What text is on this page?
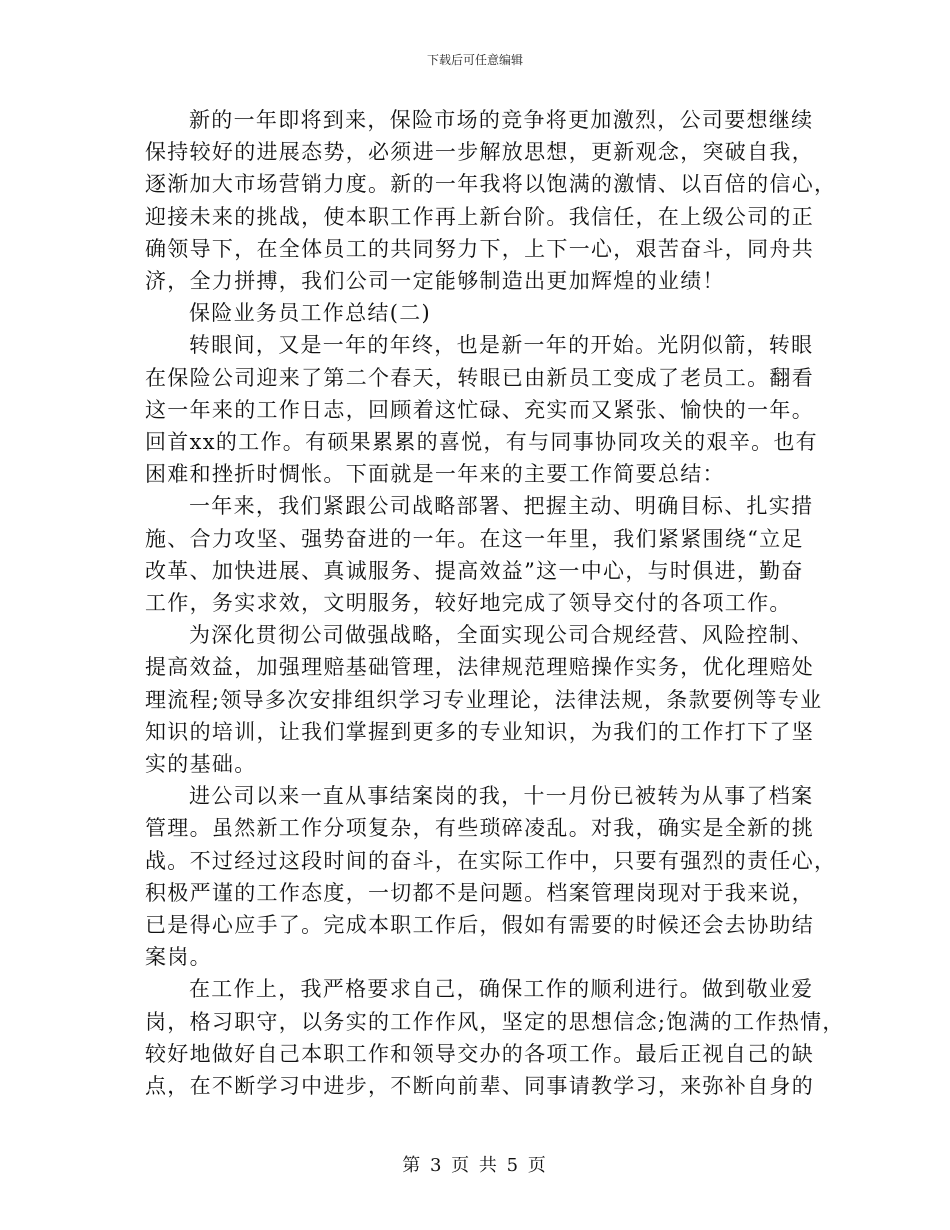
下载后可任意编辑

新的一年即将到来，保险市场的竞争将更加激烈，公司要想继续
保持较好的进展态势，必须进一步解放思想，更新观念，突破自我，
逐渐加大市场营销力度。新的一年我将以饱满的激情、以百倍的信心，
迎接未来的挑战，使本职工作再上新台阶。我信任，在上级公司的正
确领导下，在全体员工的共同努力下，上下一心，艰苦奋斗，同舟共
济，全力拼搏，我们公司一定能够制造出更加辉煌的业绩！

保险业务员工作总结(二)

转眼间，又是一年的年终，也是新一年的开始。光阴似箭，转眼
在保险公司迎来了第二个春天，转眼已由新员工变成了老员工。翻看
这一年来的工作日志，回顾着这忙碌、充实而又紧张、愉快的一年。
回首xx的工作。有硕果累累的喜悦，有与同事协同攻关的艰辛。也有
困难和挫折时惆怅。下面就是一年来的主要工作简要总结：

一年来，我们紧跟公司战略部署、把握主动、明确目标、扎实措
施、合力攻坚、强势奋进的一年。在这一年里，我们紧紧围绕“立足
改革、加快进展、真诚服务、提高效益”这一中心，与时俱进，勤奋
工作，务实求效，文明服务，较好地完成了领导交付的各项工作。

为深化贯彻公司做强战略，全面实现公司合规经营、风险控制、
提高效益，加强理赔基础管理，法律规范理赔操作实务，优化理赔处
理流程;领导多次安排组织学习专业理论，法律法规，条款要例等专业
知识的培训，让我们掌握到更多的专业知识，为我们的工作打下了坚
实的基础。

进公司以来一直从事结案岗的我，十一月份已被转为从事了档案
管理。虽然新工作分项复杂，有些琐碎凌乱。对我，确实是全新的挑
战。不过经过这段时间的奋斗，在实际工作中，只要有强烈的责任心，
积极严谨的工作态度，一切都不是问题。档案管理岗现对于我来说，
已是得心应手了。完成本职工作后，假如有需要的时候还会去协助结
案岗。

在工作上，我严格要求自己，确保工作的顺利进行。做到敬业爱
岗，格习职守，以务实的工作作风，坚定的思想信念;饱满的工作热情，
较好地做好自己本职工作和领导交办的各项工作。最后正视自己的缺
点，在不断学习中进步，不断向前辈、同事请教学习，来弥补自身的

第 3 页 共 5 页
